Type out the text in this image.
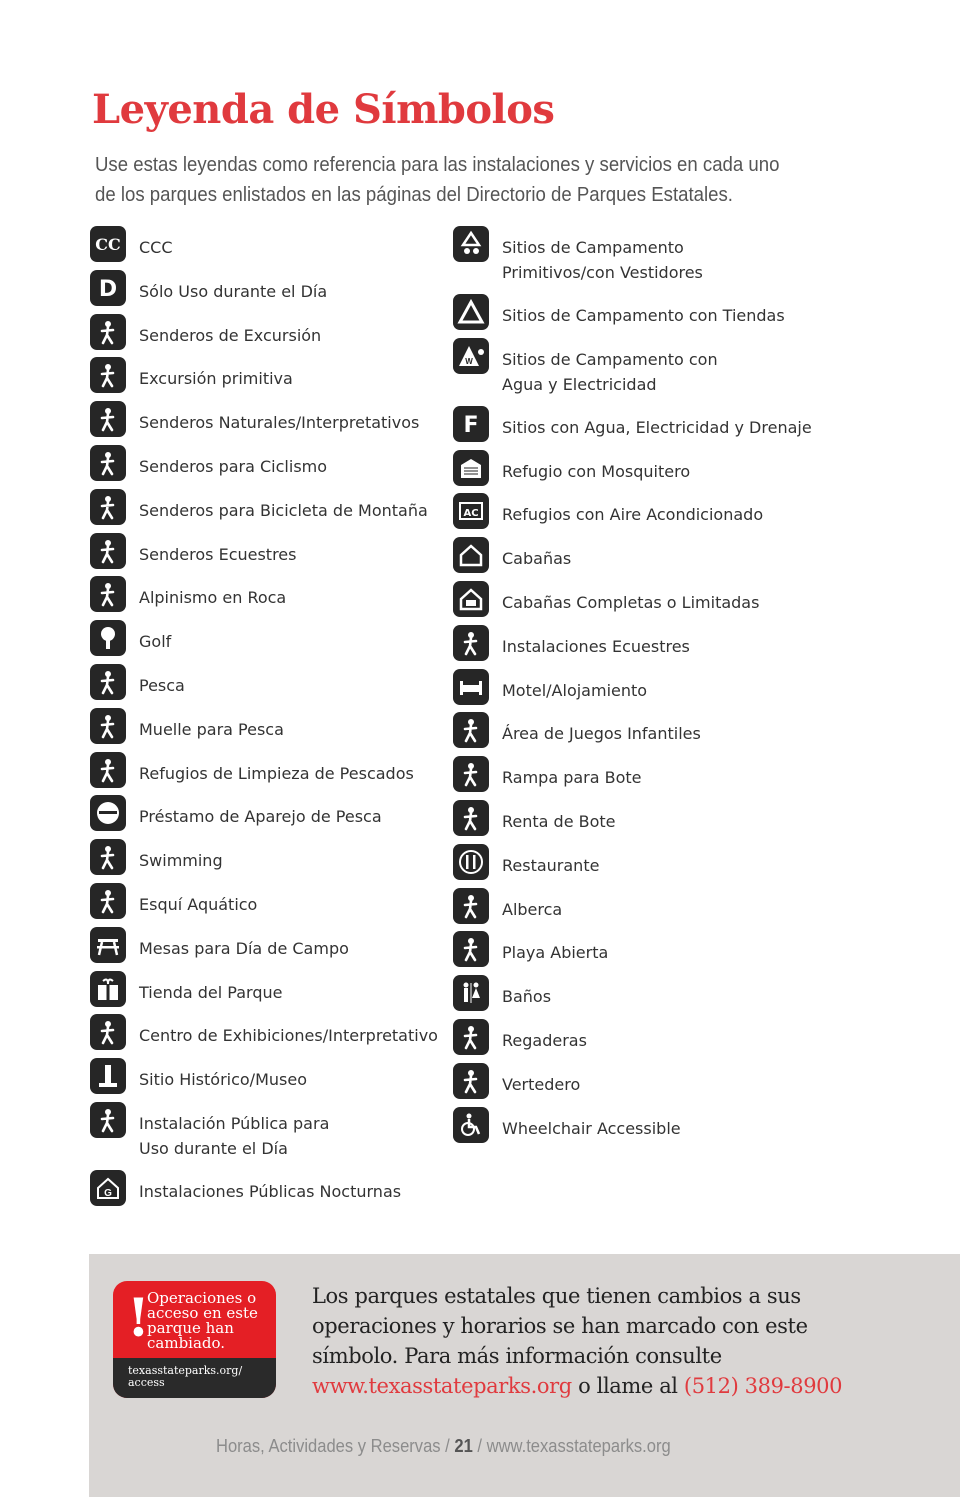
Leyenda de Símbolos
Use estas leyendas como referencia para las instalaciones y servicios en cada uno de los parques enlistados en las páginas del Directorio de Parques Estatales.
CC CCC
D Sólo Uso durante el Día
Senderos de Excursión
Excursión primitiva
Senderos Naturales/Interpretativos
Senderos para Ciclismo
Senderos para Bicicleta de Montaña
Senderos Ecuestres
Alpinismo en Roca
Golf
Pesca
Muelle para Pesca
Refugios de Limpieza de Pescados
Préstamo de Aparejo de Pesca
Swimming
Esquí Aquático
Mesas para Día de Campo
Tienda del Parque
Centro de Exhibiciones/Interpretativo
Sitio Histórico/Museo
Instalación Pública para
Uso durante el Día
G Instalaciones Públicas Nocturnas
Sitios de Campamento
Primitivos/con Vestidores
Sitios de Campamento con Tiendas
W Sitios de Campamento con
Agua y Electricidad
F Sitios con Agua, Electricidad y Drenaje
Refugio con Mosquitero
AC Refugios con Aire Acondicionado
Cabañas
Cabañas Completas o Limitadas
Instalaciones Ecuestres
Motel/Alojamiento
Área de Juegos Infantiles
Rampa para Bote
Renta de Bote
Restaurante
Alberca
Playa Abierta
Baños
Regaderas
Vertedero
Wheelchair Accessible
!
Operaciones o acceso en este parque han cambiado.
texasstateparks.org/ access
Los parques estatales que tienen cambios a sus operaciones y horarios se han marcado con este símbolo. Para más información consulte www.texasstateparks.org o llame al (512) 389-8900
Horas, Actividades y Reservas / 21 / www.texasstateparks.org
